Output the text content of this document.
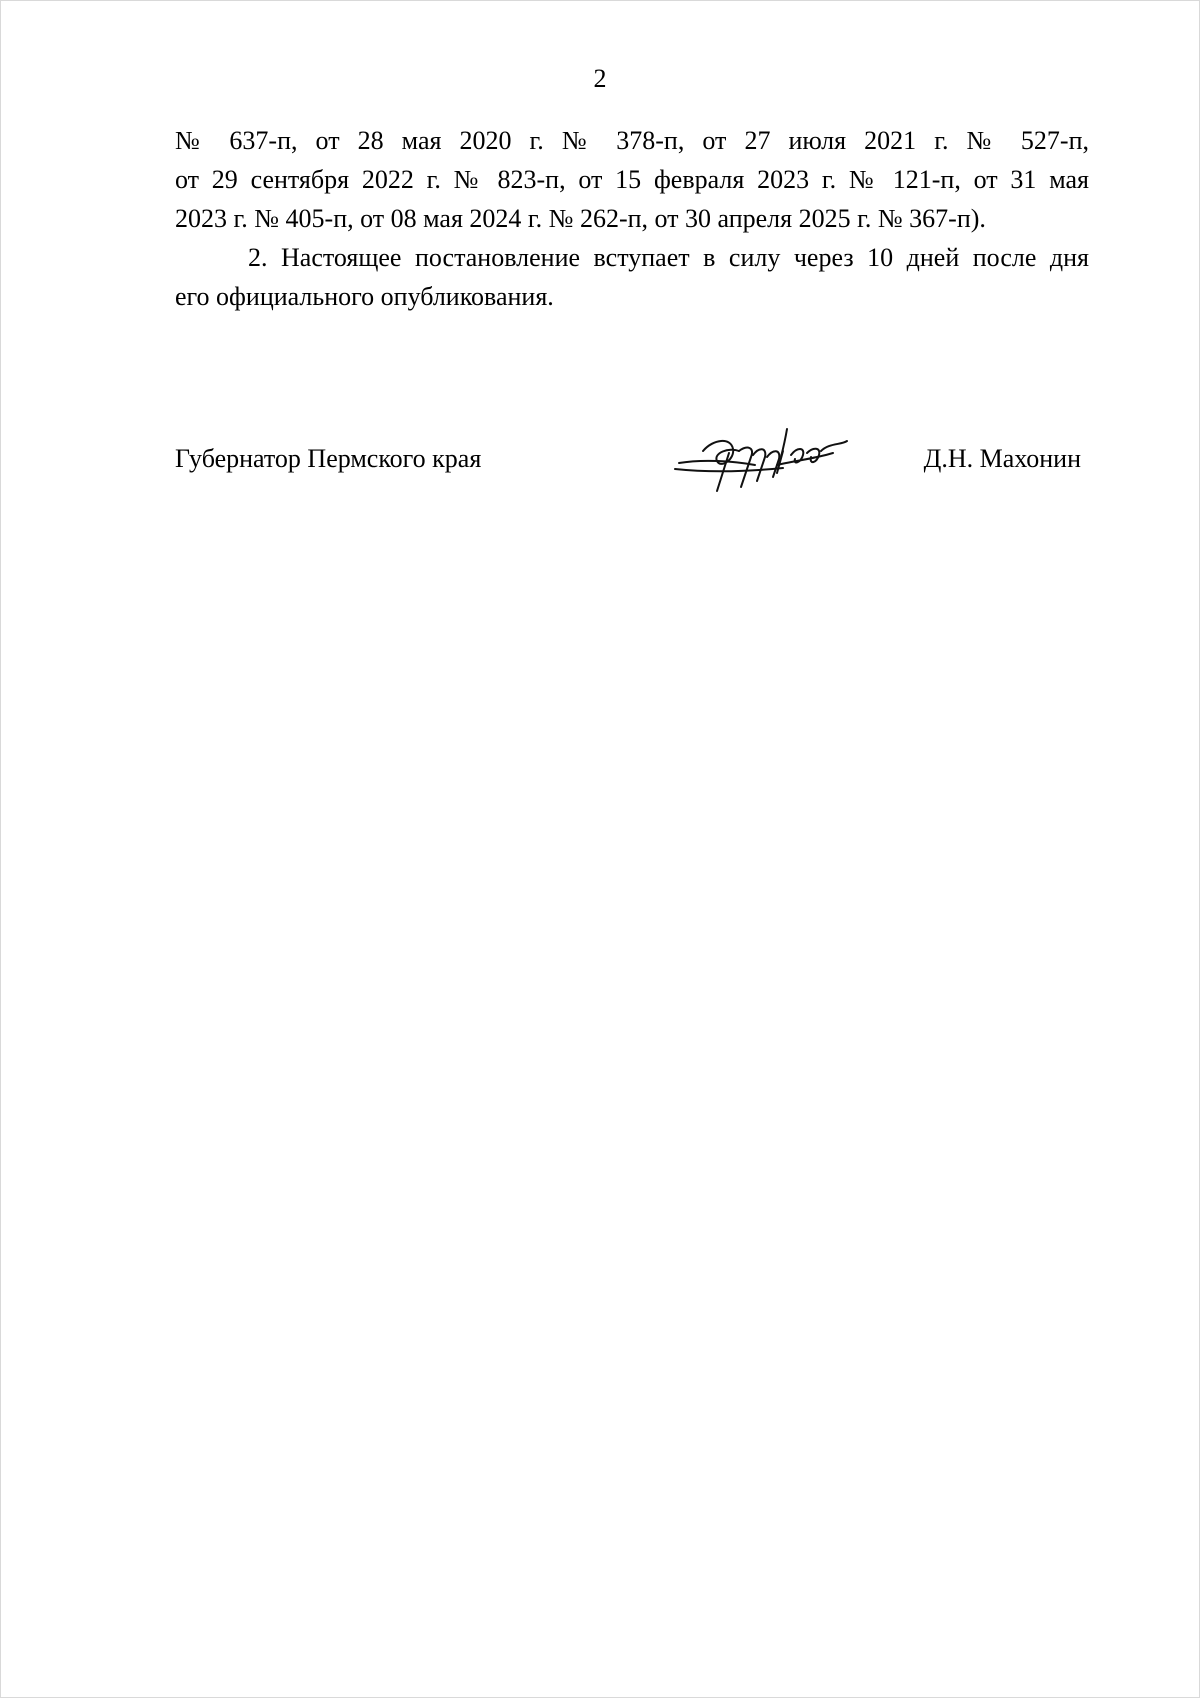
2

№ 637-п, от 28 мая 2020 г. № 378-п, от 27 июля 2021 г. № 527-п,
от 29 сентября 2022 г. № 823-п, от 15 февраля 2023 г. № 121-п, от 31 мая
2023 г. № 405-п, от 08 мая 2024 г. № 262-п, от 30 апреля 2025 г. № 367-п).

2. Настоящее постановление вступает в силу через 10 дней после дня
его официального опубликования.

Губернатор Пермского края	Д.Н. Махонин
